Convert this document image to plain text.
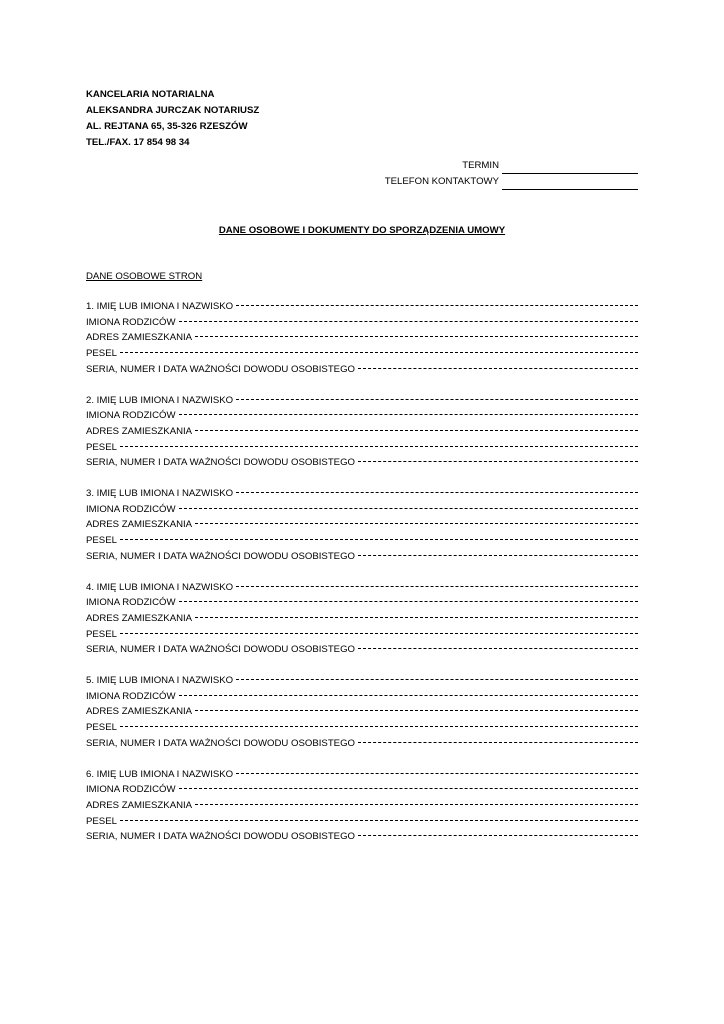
KANCELARIA NOTARIALNA
ALEKSANDRA JURCZAK NOTARIUSZ
AL. REJTANA 65, 35-326 RZESZÓW
TEL./FAX. 17 854 98 34
TERMIN
TELEFON KONTAKTOWY
DANE OSOBOWE I DOKUMENTY DO SPORZĄDZENIA UMOWY
DANE OSOBOWE STRON
1. IMIĘ LUB IMIONA I NAZWISKO
IMIONA RODZICÓW
ADRES ZAMIESZKANIA
PESEL
SERIA, NUMER I DATA WAŻNOŚCI DOWODU OSOBISTEGO
2. IMIĘ LUB IMIONA I NAZWISKO
IMIONA RODZICÓW
ADRES ZAMIESZKANIA
PESEL
SERIA, NUMER I DATA WAŻNOŚCI DOWODU OSOBISTEGO
3. IMIĘ LUB IMIONA I NAZWISKO
IMIONA RODZICÓW
ADRES ZAMIESZKANIA
PESEL
SERIA, NUMER I DATA WAŻNOŚCI DOWODU OSOBISTEGO
4. IMIĘ LUB IMIONA I NAZWISKO
IMIONA RODZICÓW
ADRES ZAMIESZKANIA
PESEL
SERIA, NUMER I DATA WAŻNOŚCI DOWODU OSOBISTEGO
5. IMIĘ LUB IMIONA I NAZWISKO
IMIONA RODZICÓW
ADRES ZAMIESZKANIA
PESEL
SERIA, NUMER I DATA WAŻNOŚCI DOWODU OSOBISTEGO
6. IMIĘ LUB IMIONA I NAZWISKO
IMIONA RODZICÓW
ADRES ZAMIESZKANIA
PESEL
SERIA, NUMER I DATA WAŻNOŚCI DOWODU OSOBISTEGO
